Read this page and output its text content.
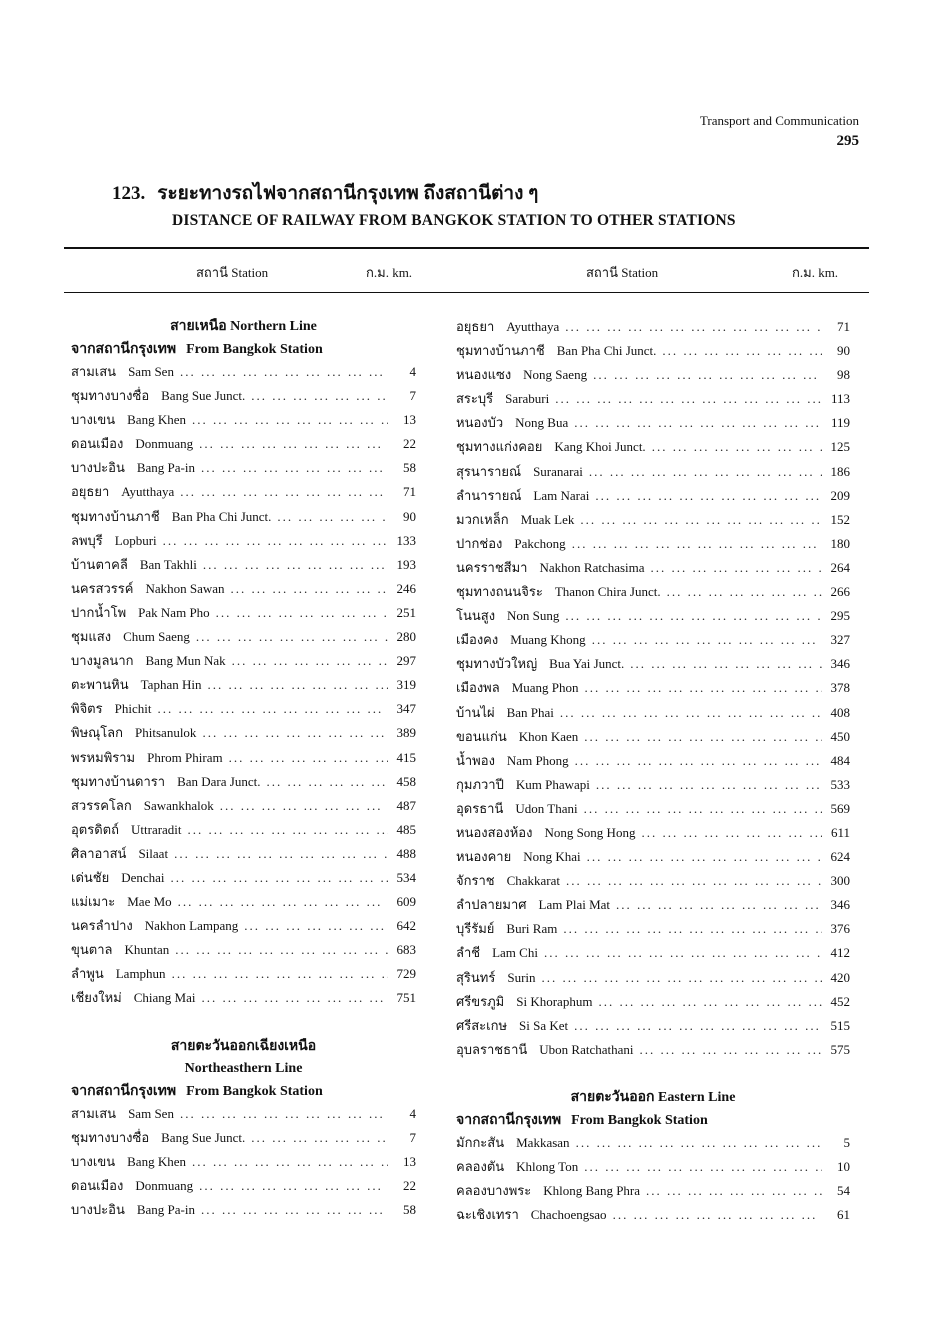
Transport and Communication
295
123. ระยะทางรถไฟจากสถานีกรุงเทพ ถึงสถานีต่าง ๆ
DISTANCE OF RAILWAY FROM BANGKOK STATION TO OTHER STATIONS
สถานี Station	ก.ม. km.	สถานี Station	ก.ม. km.
สายเหนือ Northern Line
จากสถานีกรุงเทพ From Bangkok Station
สามเสน Sam Sen ... .	4
ชุมทางบางซื่อ Bang Sue Junct. ... .	7
บางเขน Bang Khen ... .	13
ดอนเมือง Donmuang ... .	22
บางปะอิน Bang Pa-in ... .	58
อยุธยา Ayutthaya ... .	71
ชุมทางบ้านภาชี Ban Pha Chi Junct. ... .	90
ลพบุรี Lopburi ... .	133
บ้านตาคลี Ban Takhli ... .	193
นครสวรรค์ Nakhon Sawan ... .	246
ปากน้ำโพ Pak Nam Pho ... .	251
ชุมแสง Chum Saeng ... .	280
บางมูลนาก Bang Mun Nak ... .	297
ตะพานหิน Taphan Hin ... .	319
พิจิตร Phichit ... .	347
พิษณุโลก Phitsanulok ... .	389
พรหมพิราม Phrom Phiram ... .	415
ชุมทางบ้านดารา Ban Dara Junct. ... .	458
สวรรคโลก Sawankhalok ... .	487
อุตรดิตถ์ Uttraradit ... .	485
ศิลาอาสน์ Silaat ... .	488
เด่นชัย Denchai ... .	534
แม่เมาะ Mae Mo ... .	609
นครลำปาง Nakhon Lampang ... .	642
ขุนตาล Khuntan ... .	683
ลำพูน Lamphun ... .	729
เชียงใหม่ Chiang Mai ... .	751
สายตะวันออกเฉียงเหนือ
Northeasthern Line
จากสถานีกรุงเทพ From Bangkok Station
สามเสน Sam Sen ... .	4
ชุมทางบางซื่อ Bang Sue Junct. ... .	7
บางเขน Bang Khen ... .	13
ดอนเมือง Donmuang ... .	22
บางปะอิน Bang Pa-in ... .	58
อยุธยา Ayutthaya ... .	71
ชุมทางบ้านภาชี Ban Pha Chi Junct. ... .	90
หนองแซง Nong Saeng ... .	98
สระบุรี Saraburi ... .	113
หนองบัว Nong Bua ... .	119
ชุมทางแก่งคอย Kang Khoi Junct. ... .	125
สุรนารายณ์ Suranarai ... .	186
ลำนารายณ์ Lam Narai ... .	209
มวกเหล็ก Muak Lek ... .	152
ปากช่อง Pakchong ... .	180
นครราชสีมา Nakhon Ratchasima ... .	264
ชุมทางถนนจิระ Thanon Chira Junct. ... .	266
โนนสูง Non Sung ... .	295
เมืองคง Muang Khong ... .	327
ชุมทางบัวใหญ่ Bua Yai Junct. ... .	346
เมืองพล Muang Phon ... .	378
บ้านไผ่ Ban Phai ... .	408
ขอนแก่น Khon Kaen ... .	450
น้ำพอง Nam Phong ... .	484
กุมภวาปี Kum Phawapi ... .	533
อุดรธานี Udon Thani ... .	569
หนองสองห้อง Nong Song Hong ... .	611
หนองคาย Nong Khai ... .	624
จักราช Chakkarat ... .	300
ลำปลายมาศ Lam Plai Mat ... .	346
บุรีรัมย์ Buri Ram ... .	376
ลำชี Lam Chi ... .	412
สุรินทร์ Surin ... .	420
ศรีขรภูมิ Si Khoraphum ... .	452
ศรีสะเกษ Si Sa Ket ... .	515
อุบลราชธานี Ubon Ratchathani ... .	575
สายตะวันออก Eastern Line
จากสถานีกรุงเทพ From Bangkok Station
มักกะสัน Makkasan ... .	5
คลองตัน Khlong Ton ... .	10
คลองบางพระ Khlong Bang Phra ... .	54
ฉะเชิงเทรา Chachoengsao ... .	61
